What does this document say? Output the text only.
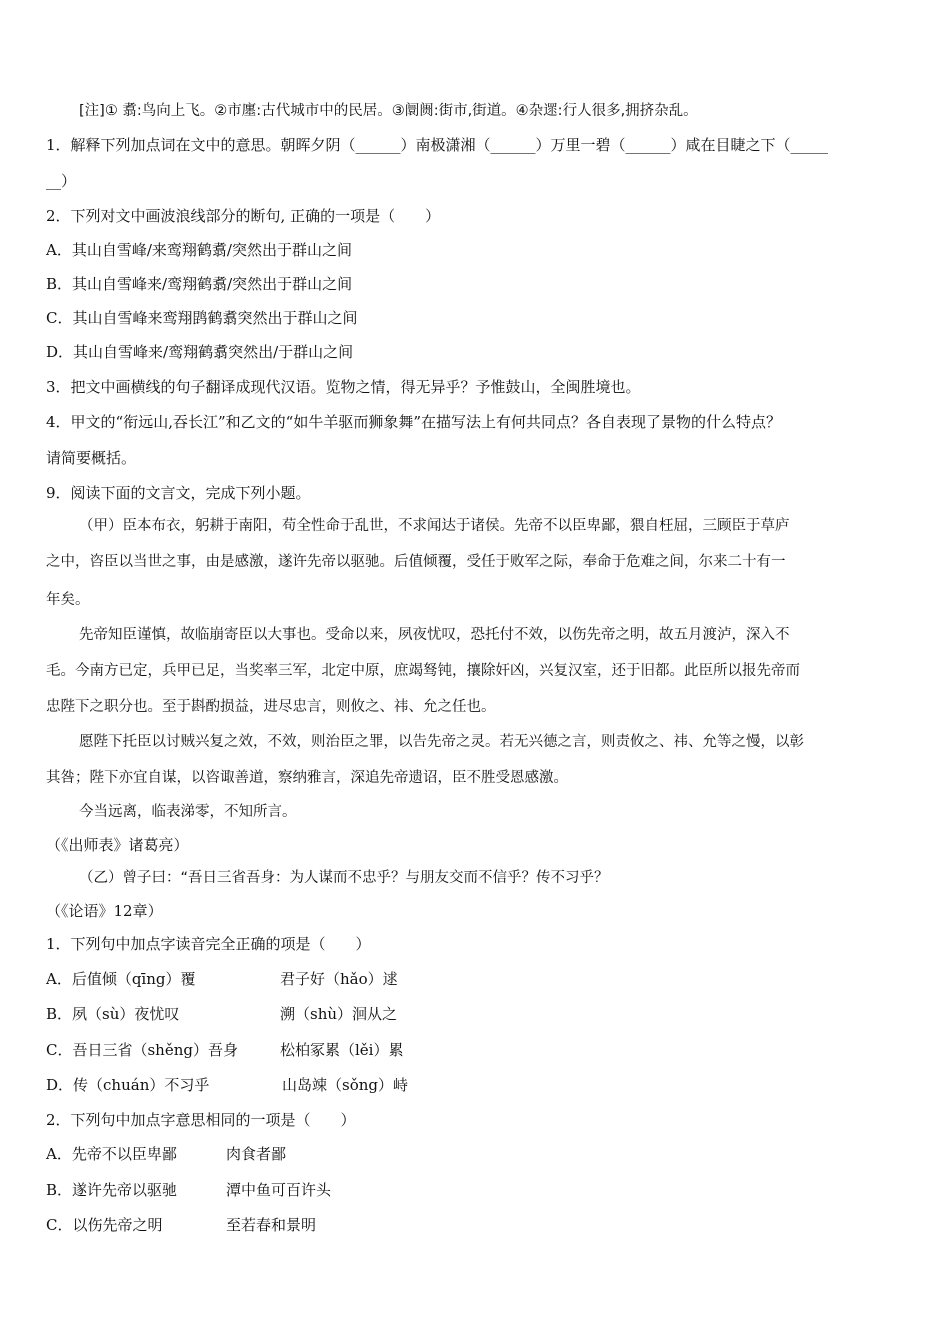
[注]① 翥:鸟向上飞。②市廛:古代城市中的民居。③阛阓:街市,街道。④杂遝:行人很多,拥挤杂乱。
1．解释下列加点词在文中的意思。朝晖夕阴（______）南极潇湘（______）万里一碧（______）咸在目睫之下（_____
__）
2．下列对文中画波浪线部分的断句, 正确的一项是（　　）
A．其山自雪峰/来鸾翔鹤翥/突然出于群山之间
B．其山自雪峰来/鸾翔鹤翥/突然出于群山之间
C．其山自雪峰来鸾翔鹍鹤翥突然出于群山之间
D．其山自雪峰来/鸾翔鹤翥突然出/于群山之间
3．把文中画横线的句子翻译成现代汉语。览物之情，得无异乎？予惟鼓山，全闽胜境也。
4．甲文的“衔远山,吞长江”和乙文的“如牛羊驱而狮象舞”在描写法上有何共同点？各自表现了景物的什么特点？
请简要概括。
9．阅读下面的文言文，完成下列小题。
（甲）臣本布衣，躬耕于南阳，苟全性命于乱世，不求闻达于诸侯。先帝不以臣卑鄙，猥自枉屈，三顾臣于草庐
之中，咨臣以当世之事，由是感激，遂许先帝以驱驰。后值倾覆，受任于败军之际，奉命于危难之间，尔来二十有一
年矣。
先帝知臣谨慎，故临崩寄臣以大事也。受命以来，夙夜忧叹，恐托付不效，以伤先帝之明，故五月渡泸，深入不
毛。今南方已定，兵甲已足，当奖率三军，北定中原，庶竭驽钝，攘除奸凶，兴复汉室，还于旧都。此臣所以报先帝而
忠陛下之职分也。至于斟酌损益，进尽忠言，则攸之、祎、允之任也。
愿陛下托臣以讨贼兴复之效，不效，则治臣之罪，以告先帝之灵。若无兴德之言，则责攸之、祎、允等之慢，以彰
其咎；陛下亦宜自谋，以咨诹善道，察纳雅言，深追先帝遗诏，臣不胜受恩感激。
今当远离，临表涕零，不知所言。
（《出师表》诸葛亮）
（乙）曾子曰：“吾日三省吾身：为人谋而不忠乎？与朋友交而不信乎？传不习乎？
（《论语》12章）
1．下列句中加点字读音完全正确的项是（　　）
A．后值倾（qīng）覆	君子好（hǎo）逑
B．夙（sù）夜忧叹	溯（shù）洄从之
C．吾日三省（shěng）吾身	松柏冢累（lěi）累
D．传（chuán）不习乎	山岛竦（sǒng）峙
2．下列句中加点字意思相同的一项是（　　）
A．先帝不以臣卑鄙	肉食者鄙
B．遂许先帝以驱驰	潭中鱼可百许头
C．以伤先帝之明	至若春和景明
